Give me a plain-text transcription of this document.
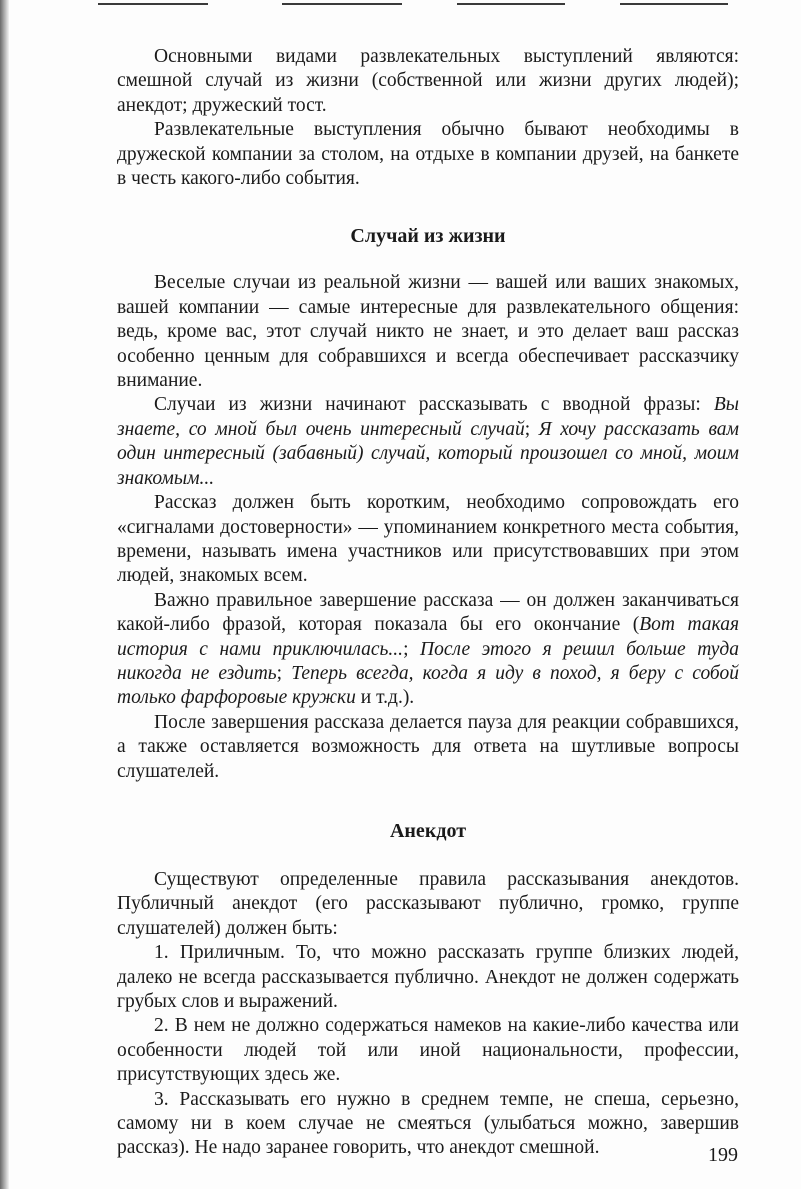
Основными видами развлекательных выступлений являются: смешной случай из жизни (собственной или жизни других людей); анекдот; дружеский тост.

Развлекательные выступления обычно бывают необходимы в дружеской компании за столом, на отдыхе в компании друзей, на банкете в честь какого-либо события.

Случай из жизни

Веселые случаи из реальной жизни — вашей или ваших знакомых, вашей компании — самые интересные для развлекательного общения: ведь, кроме вас, этот случай никто не знает, и это делает ваш рассказ особенно ценным для собравшихся и всегда обеспечивает рассказчику внимание.

Случаи из жизни начинают рассказывать с вводной фразы: Вы знаете, со мной был очень интересный случай; Я хочу рассказать вам один интересный (забавный) случай, который произошел со мной, моим знакомым...

Рассказ должен быть коротким, необходимо сопровождать его «сигналами достоверности» — упоминанием конкретного места события, времени, называть имена участников или присутствовавших при этом людей, знакомых всем.

Важно правильное завершение рассказа — он должен заканчиваться какой-либо фразой, которая показала бы его окончание (Вот такая история с нами приключилась...; После этого я решил больше туда никогда не ездить; Теперь всегда, когда я иду в поход, я беру с собой только фарфоровые кружки и т.д.).

После завершения рассказа делается пауза для реакции собравшихся, а также оставляется возможность для ответа на шутливые вопросы слушателей.

Анекдот

Существуют определенные правила рассказывания анекдотов. Публичный анекдот (его рассказывают публично, громко, группе слушателей) должен быть:

1. Приличным. То, что можно рассказать группе близких людей, далеко не всегда рассказывается публично. Анекдот не должен содержать грубых слов и выражений.

2. В нем не должно содержаться намеков на какие-либо качества или особенности людей той или иной национальности, профессии, присутствующих здесь же.

3. Рассказывать его нужно в среднем темпе, не спеша, серьезно, самому ни в коем случае не смеяться (улыбаться можно, завершив рассказ). Не надо заранее говорить, что анекдот смешной.	199
